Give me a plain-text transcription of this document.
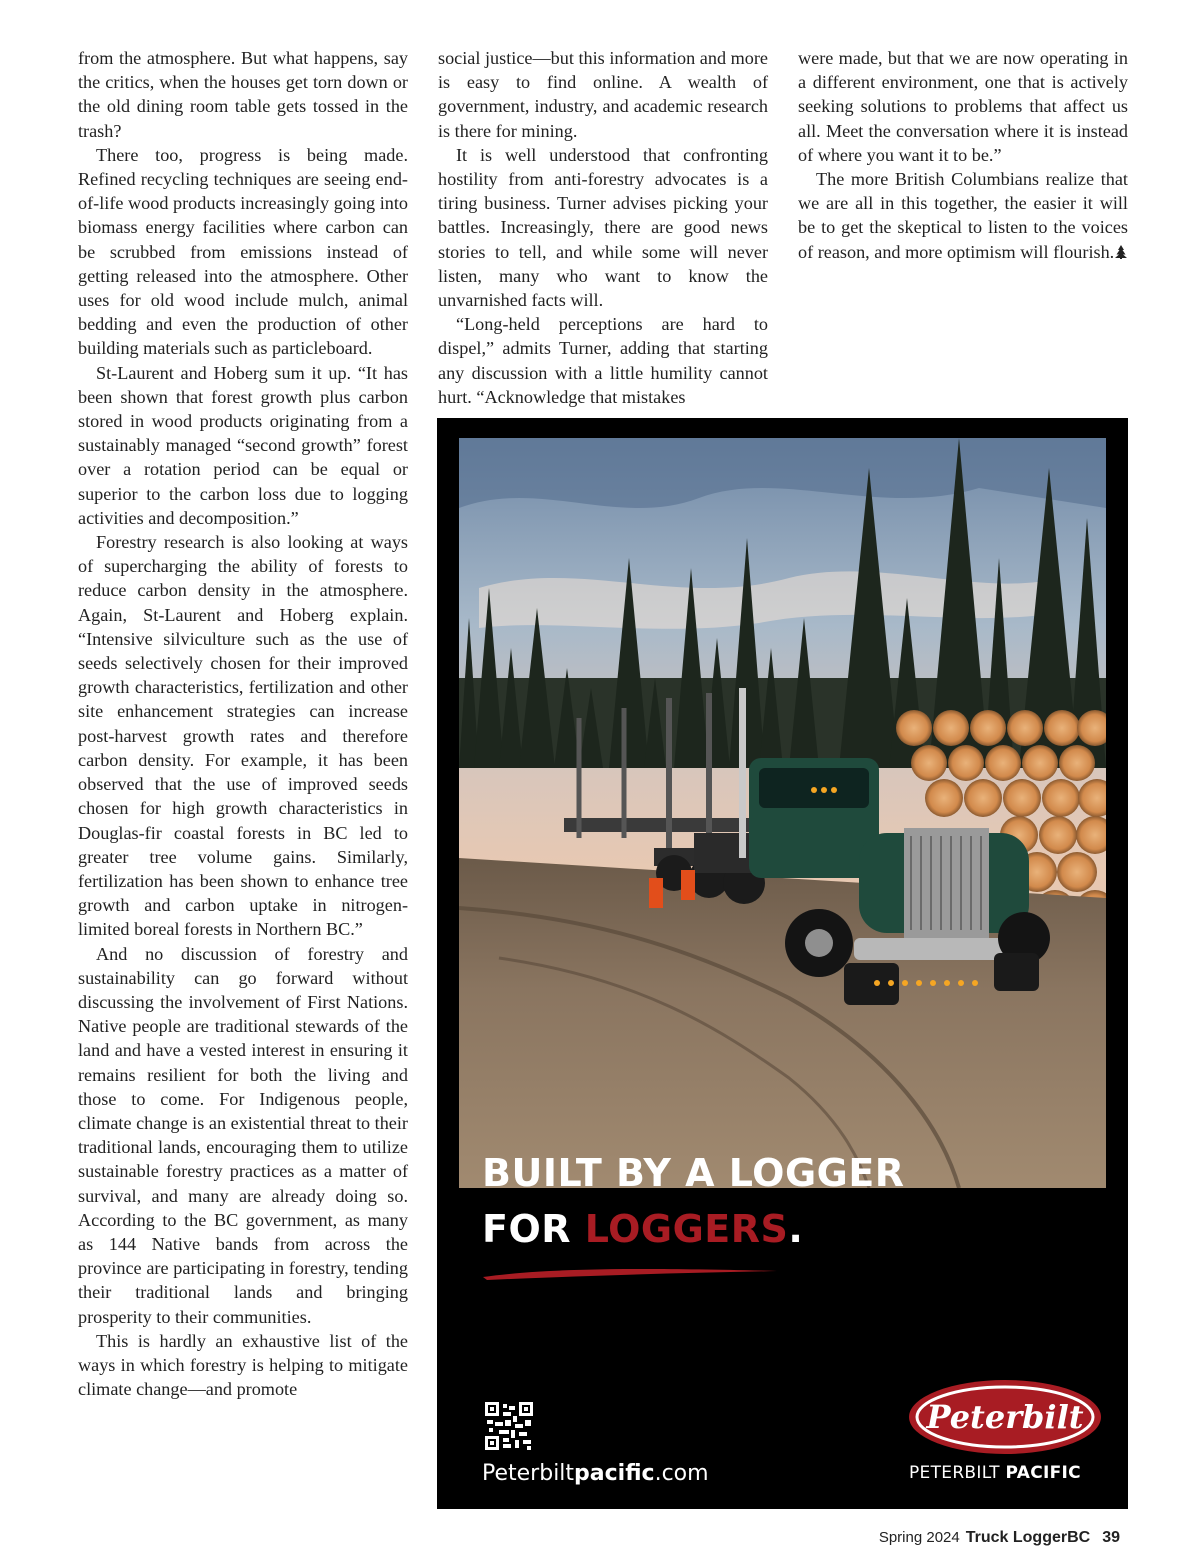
from the atmosphere. But what happens, say the critics, when the houses get torn down or the old dining room table gets tossed in the trash?

There too, progress is being made. Refined recycling techniques are seeing end-of-life wood products increasingly going into biomass energy facilities where carbon can be scrubbed from emissions instead of getting released into the atmosphere. Other uses for old wood include mulch, animal bedding and even the production of other building materials such as particleboard.

St-Laurent and Hoberg sum it up. “It has been shown that forest growth plus carbon stored in wood products originating from a sustainably managed “second growth” forest over a rotation period can be equal or superior to the carbon loss due to logging activities and decomposition.”

Forestry research is also looking at ways of supercharging the ability of forests to reduce carbon density in the atmosphere. Again, St-Laurent and Hoberg explain. “Intensive silviculture such as the use of seeds selectively chosen for their improved growth characteristics, fertilization and other site enhancement strategies can increase post-harvest growth rates and therefore carbon density. For example, it has been observed that the use of improved seeds chosen for high growth characteristics in Douglas-fir coastal forests in BC led to greater tree volume gains. Similarly, fertilization has been shown to enhance tree growth and carbon uptake in nitrogen-limited boreal forests in Northern BC.”

And no discussion of forestry and sustainability can go forward without discussing the involvement of First Nations. Native people are traditional stewards of the land and have a vested interest in ensuring it remains resilient for both the living and those to come. For Indigenous people, climate change is an existential threat to their traditional lands, encouraging them to utilize sustainable forestry practices as a matter of survival, and many are already doing so. According to the BC government, as many as 144 Native bands from across the province are participating in forestry, tending their traditional lands and bringing prosperity to their communities.

This is hardly an exhaustive list of the ways in which forestry is helping to mitigate climate change—and promote

social justice—but this information and more is easy to find online. A wealth of government, industry, and academic research is there for mining.

It is well understood that confronting hostility from anti-forestry advocates is a tiring business. Turner advises picking your battles. Increasingly, there are good news stories to tell, and while some will never listen, many who want to know the unvarnished facts will.

“Long-held perceptions are hard to dispel,” admits Turner, adding that starting any discussion with a little humility cannot hurt. “Acknowledge that mistakes

were made, but that we are now operating in a different environment, one that is actively seeking solutions to problems that affect us all. Meet the conversation where it is instead of where you want it to be.”

The more British Columbians realize that we are all in this together, the easier it will be to get the skeptical to listen to the voices of reason, and more optimism will flourish.

BUILT BY A LOGGER
FOR LOGGERS.
Peterbiltpacific.com
Peterbilt
PETERBILT PACIFIC
Spring 2024 Truck LoggerBC 39
